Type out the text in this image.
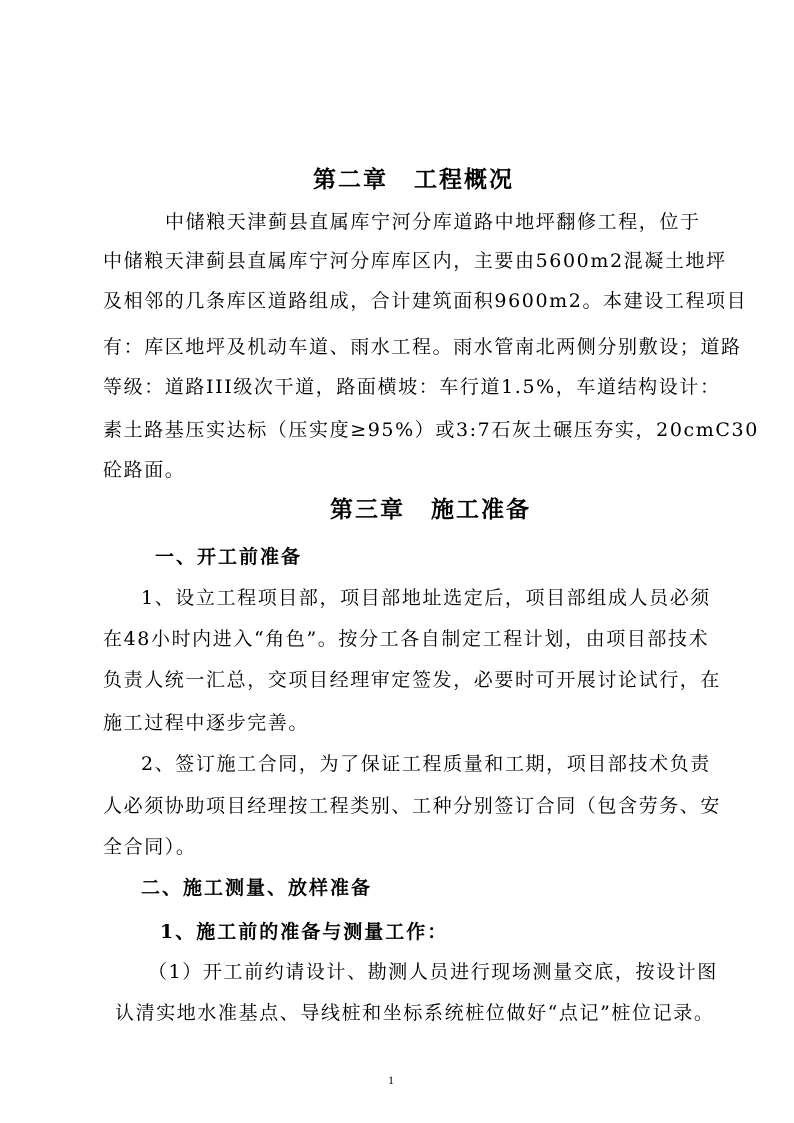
第二章 工程概况
中储粮天津蓟县直属库宁河分库道路中地坪翻修工程，位于
中储粮天津蓟县直属库宁河分库库区内，主要由5600m2混凝土地坪
及相邻的几条库区道路组成，合计建筑面积9600m2。本建设工程项目
有：库区地坪及机动车道、雨水工程。雨水管南北两侧分别敷设；道路
等级：道路III级次干道，路面横坡：车行道1.5%，车道结构设计：
素土路基压实达标（压实度≥95%）或3:7石灰土碾压夯实，20cmC30
砼路面。
第三章 施工准备
一、开工前准备
1、设立工程项目部，项目部地址选定后，项目部组成人员必须
在48小时内进入“角色”。按分工各自制定工程计划，由项目部技术
负责人统一汇总，交项目经理审定签发，必要时可开展讨论试行，在
施工过程中逐步完善。
2、签订施工合同，为了保证工程质量和工期，项目部技术负责
人必须协助项目经理按工程类别、工种分别签订合同（包含劳务、安
全合同）。
二、施工测量、放样准备
1、施工前的准备与测量工作：
（1）开工前约请设计、勘测人员进行现场测量交底，按设计图
认清实地水准基点、导线桩和坐标系统桩位做好“点记”桩位记录。
1
